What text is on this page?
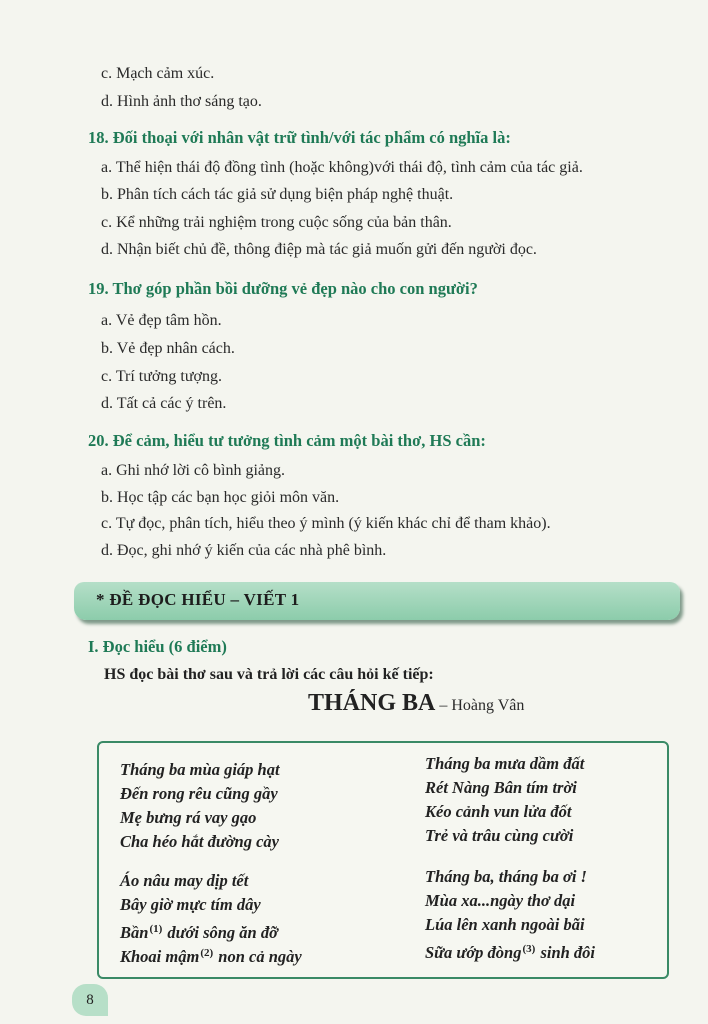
c. Mạch cảm xúc.
d. Hình ảnh thơ sáng tạo.
18. Đối thoại với nhân vật trữ tình/với tác phẩm có nghĩa là:
a. Thể hiện thái độ đồng tình (hoặc không)với thái độ, tình cảm của tác giả.
b. Phân tích cách tác giả sử dụng biện pháp nghệ thuật.
c. Kể những trải nghiệm trong cuộc sống của bản thân.
d. Nhận biết chủ đề, thông điệp mà tác giả muốn gửi đến người đọc.
19. Thơ góp phần bồi dưỡng vẻ đẹp nào cho con người?
a. Vẻ đẹp tâm hồn.
b. Vẻ đẹp nhân cách.
c. Trí tưởng tượng.
d. Tất cả các ý trên.
20. Để cảm, hiểu tư tưởng tình cảm một bài thơ, HS cần:
a. Ghi nhớ lời cô bình giảng.
b. Học tập các bạn học giỏi môn văn.
c. Tự đọc, phân tích, hiểu theo ý mình (ý kiến khác chỉ để tham khảo).
d. Đọc, ghi nhớ ý kiến của các nhà phê bình.
* ĐỀ ĐỌC HIỂU – VIẾT 1
I. Đọc hiểu (6 điểm)
HS đọc bài thơ sau và trả lời các câu hỏi kế tiếp:
THÁNG BA – Hoàng Vân
Tháng ba mùa giáp hạt
Đến rong rêu cũng gầy
Mẹ bưng rá vay gạo
Cha héo hắt đường cày
Áo nâu may dịp tết
Bây giờ mực tím dây
Bần$^{(1)}$ dưới sông ăn đỡ
Khoai mậm$^{(2)}$ non cả ngày
Tháng ba mưa dầm đất
Rét Nàng Bân tím trời
Kéo cảnh vun lửa đốt
Trẻ và trâu cùng cười
Tháng ba, tháng ba ơi !
Mùa xa...ngày thơ dại
Lúa lên xanh ngoài bãi
Sữa ướp đòng$^{(3)}$ sinh đôi
8
